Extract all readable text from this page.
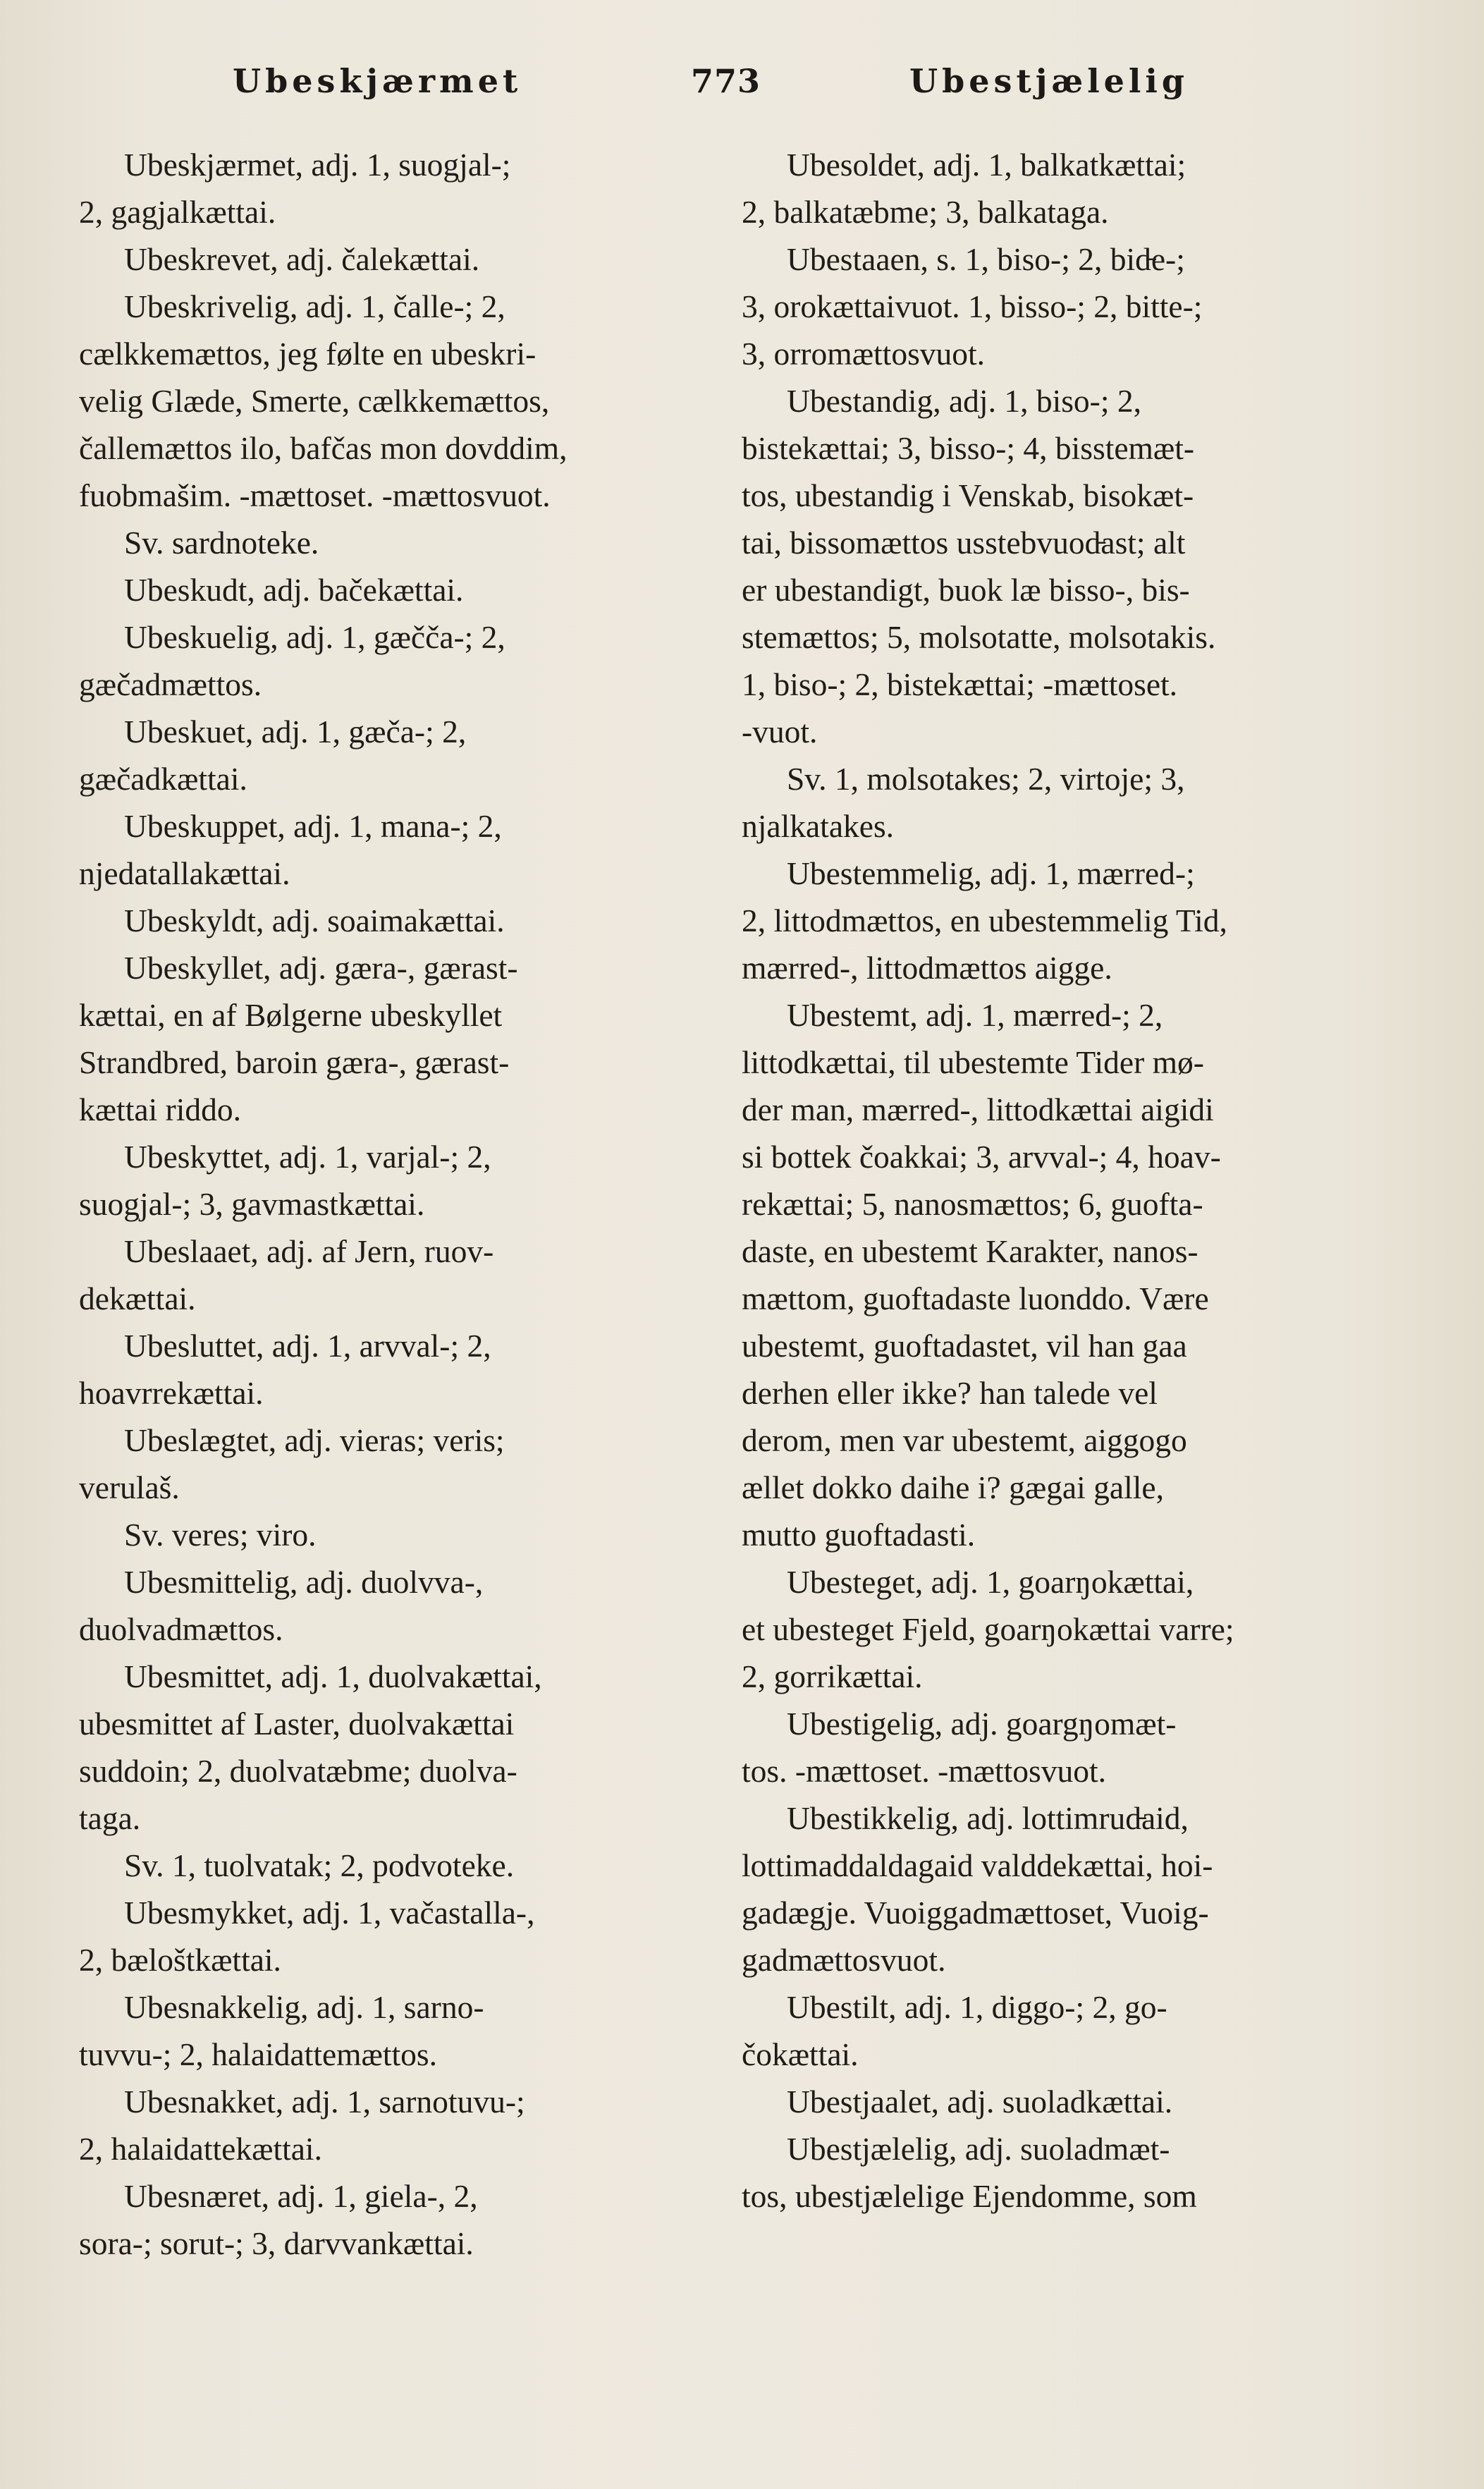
Ubeskjærmet	773	Ubestjælelig
Ubeskjærmet, adj. 1, suogjal-;
2, gagjalkættai.
Ubeskrevet, adj. čalekættai.
Ubeskrivelig, adj. 1, čalle-; 2,
cælkkemættos, jeg følte en ubeskri-
velig Glæde, Smerte, cælkkemættos,
čallemættos ilo, bafčas mon dovddim,
fuobmašim. -mættoset. -mættosvuot.
Sv. sardnoteke.
Ubeskudt, adj. bačekættai.
Ubeskuelig, adj. 1, gæčča-; 2,
gæčadmættos.
Ubeskuet, adj. 1, gæča-; 2,
gæčadkættai.
Ubeskuppet, adj. 1, mana-; 2,
njedatallakættai.
Ubeskyldt, adj. soaimakættai.
Ubeskyllet, adj. gæra-, gærast-
kættai, en af Bølgerne ubeskyllet
Strandbred, baroin gæra-, gærast-
kættai riddo.
Ubeskyttet, adj. 1, varjal-; 2,
suogjal-; 3, gavmastkættai.
Ubeslaaet, adj. af Jern, ruov-
dekættai.
Ubesluttet, adj. 1, arvval-; 2,
hoavrrekættai.
Ubeslægtet, adj. vieras; veris;
verulaš.
Sv. veres; viro.
Ubesmittelig, adj. duolvva-,
duolvadmættos.
Ubesmittet, adj. 1, duolvakættai,
ubesmittet af Laster, duolvakættai
suddoin; 2, duolvatæbme; duolva-
taga.
Sv. 1, tuolvatak; 2, podvoteke.
Ubesmykket, adj. 1, vačastalla-,
2, bæloštkættai.
Ubesnakkelig, adj. 1, sarno-
tuvvu-; 2, halaidattemættos.
Ubesnakket, adj. 1, sarnotuvu-;
2, halaidattekættai.
Ubesnæret, adj. 1, giela-, 2,
sora-; sorut-; 3, darvvankættai.
Ubesoldet, adj. 1, balkatkættai;
2, balkatæbme; 3, balkataga.
Ubestaaen, s. 1, biso-; 2, bid̵e-;
3, orokættaivuot. 1, bisso-; 2, bitte-;
3, orromættosvuot.
Ubestandig, adj. 1, biso-; 2,
bistekættai; 3, bisso-; 4, bisstemæt-
tos, ubestandig i Venskab, bisokæt-
tai, bissomættos usstebvuod̵ast; alt
er ubestandigt, buok læ bisso-, bis-
stemættos; 5, molsotatte, molsotakis.
1, biso-; 2, bistekættai; -mættoset.
-vuot.
Sv. 1, molsotakes; 2, virtoje; 3,
njalkatakes.
Ubestemmelig, adj. 1, mærred-;
2, littodmættos, en ubestemmelig Tid,
mærred-, littodmættos aigge.
Ubestemt, adj. 1, mærred-; 2,
littodkættai, til ubestemte Tider mø-
der man, mærred-, littodkættai aigidi
si bottek čoakkai; 3, arvval-; 4, hoav-
rekættai; 5, nanosmættos; 6, guofta-
daste, en ubestemt Karakter, nanos-
mættom, guoftadaste luonddo. Være
ubestemt, guoftadastet, vil han gaa
derhen eller ikke? han talede vel
derom, men var ubestemt, aiggogo
ællet dokko daihe i? gægai galle,
mutto guoftadasti.
Ubesteget, adj. 1, goarŋokættai,
et ubesteget Fjeld, goarŋokættai varre;
2, gorrikættai.
Ubestigelig, adj. goargŋomæt-
tos. -mættoset. -mættosvuot.
Ubestikkelig, adj. lottimrud̵aid,
lottimaddaldagaid valddekættai, hoi-
gadægje. Vuoiggadmættoset, Vuoig-
gadmættosvuot.
Ubestilt, adj. 1, diggo-; 2, go-
čokættai.
Ubestjaalet, adj. suoladkættai.
Ubestjælelig, adj. suoladmæt-
tos, ubestjælelige Ejendomme, som
